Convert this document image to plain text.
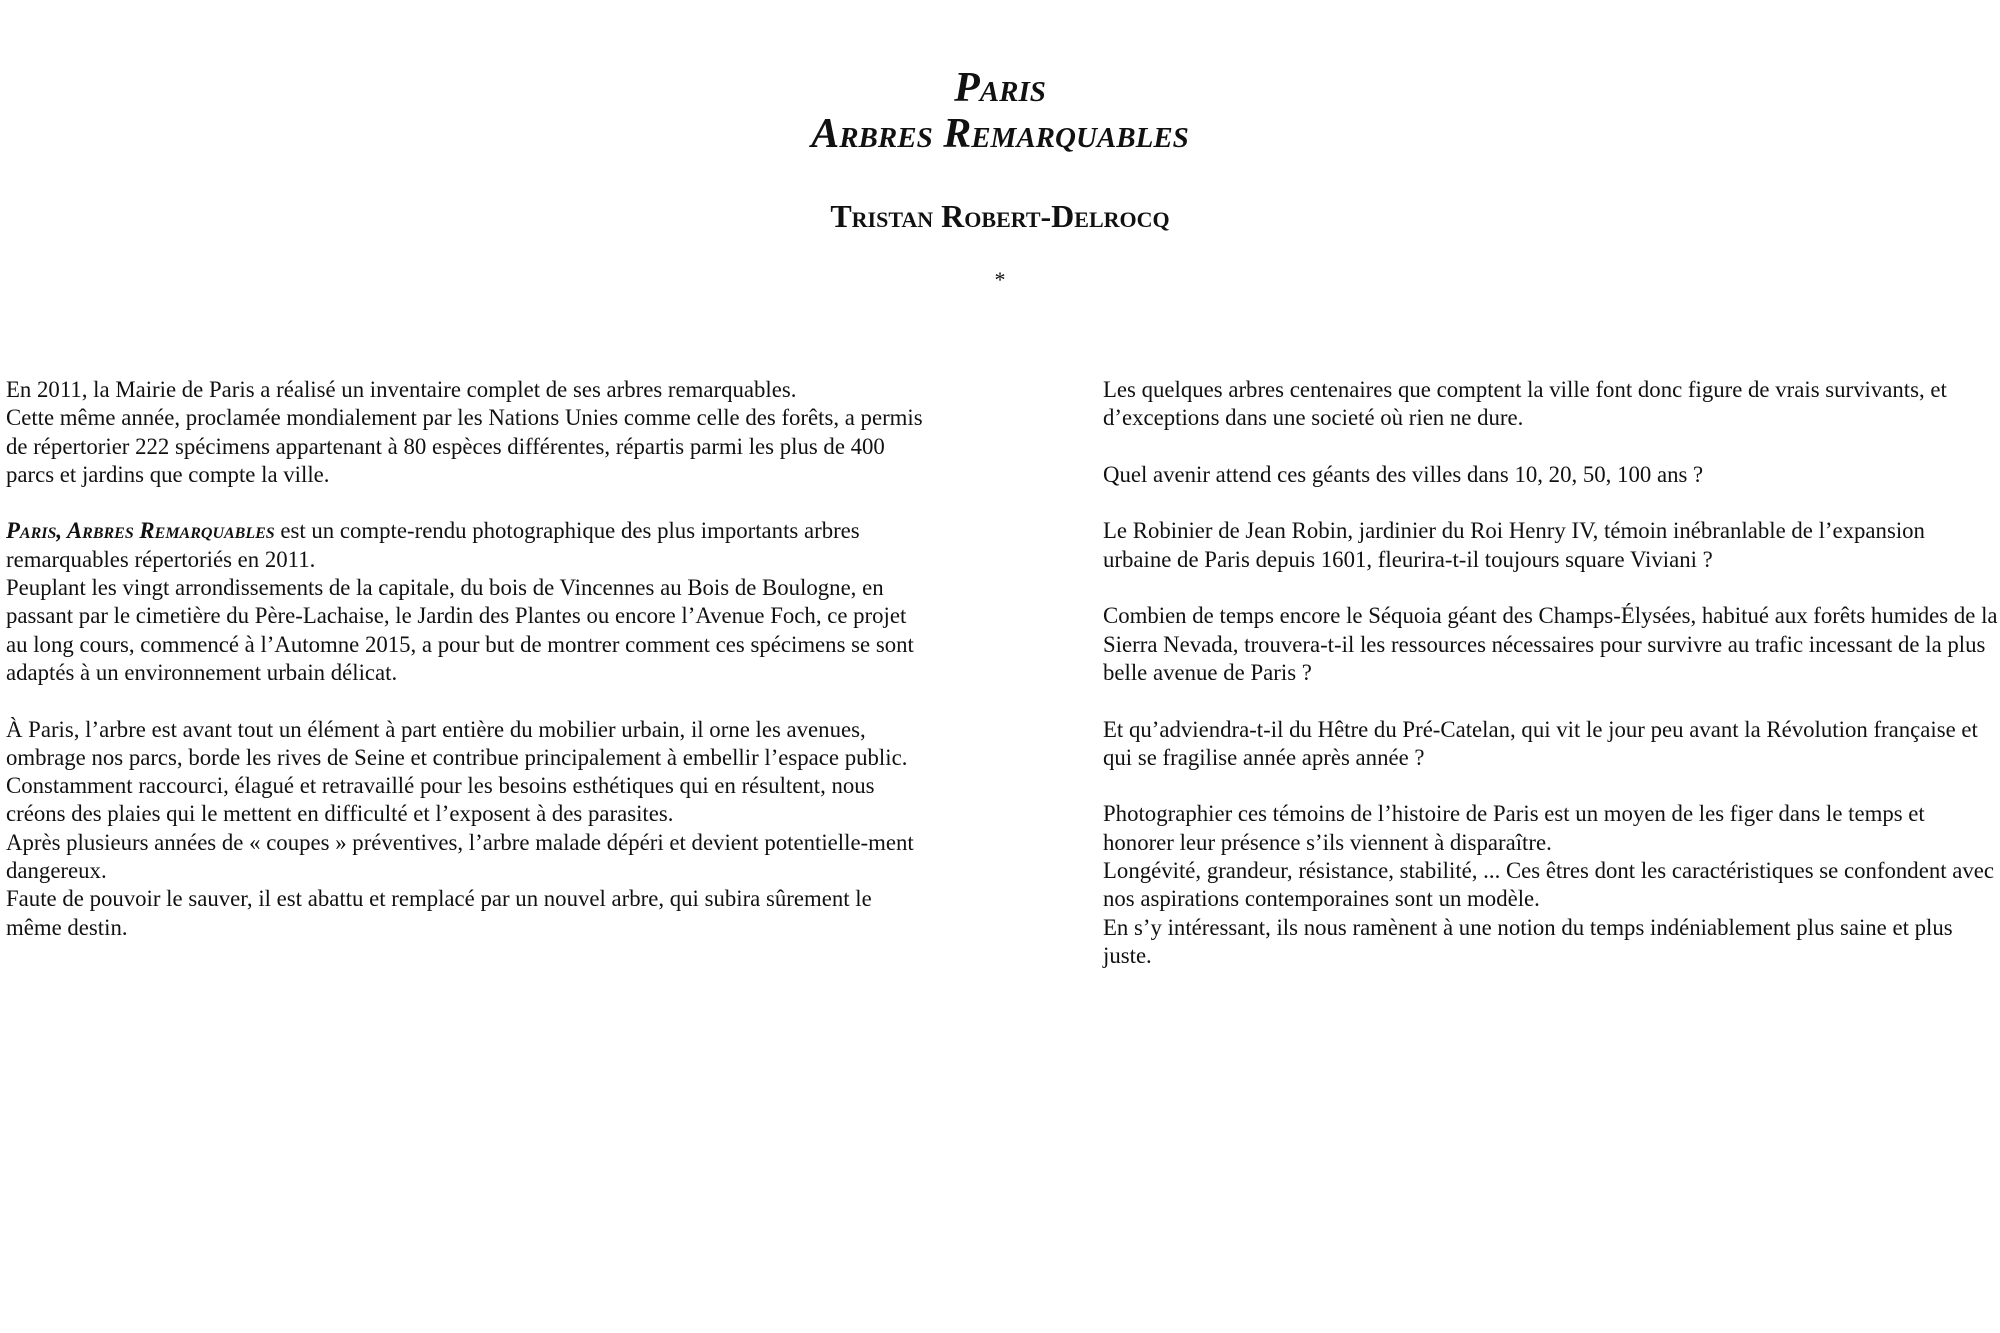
Paris
Arbres Remarquables
Tristan Robert-Delrocq
*

En 2011, la Mairie de Paris a réalisé un inventaire complet de ses arbres remarquables.
Cette même année, proclamée mondialement par les Nations Unies comme celle des forêts, a permis de répertorier 222 spécimens appartenant à 80 espèces différentes, répartis parmi les plus de 400 parcs et jardins que compte la ville.

Paris, Arbres Remarquables est un compte-rendu photographique des plus importants arbres remarquables répertoriés en 2011.
Peuplant les vingt arrondissements de la capitale, du bois de Vincennes au Bois de Boulogne, en passant par le cimetière du Père-Lachaise, le Jardin des Plantes ou encore l’Avenue Foch, ce projet au long cours, commencé à l’Automne 2015, a pour but de montrer comment ces spécimens se sont adaptés à un environnement urbain délicat.

À Paris, l’arbre est avant tout un élément à part entière du mobilier urbain, il orne les avenues, ombrage nos parcs, borde les rives de Seine et contribue principalement à embellir l’espace public.
Constamment raccourci, élagué et retravaillé pour les besoins esthétiques qui en résultent, nous créons des plaies qui le mettent en difficulté et l’exposent à des parasites.
Après plusieurs années de « coupes » préventives, l’arbre malade dépéri et devient potentielle-ment dangereux.
Faute de pouvoir le sauver, il est abattu et remplacé par un nouvel arbre, qui subira sûrement le même destin.

Les quelques arbres centenaires que comptent la ville font donc figure de vrais survivants, et d’exceptions dans une societé où rien ne dure.

Quel avenir attend ces géants des villes dans 10, 20, 50, 100 ans ?

Le Robinier de Jean Robin, jardinier du Roi Henry IV, témoin inébranlable de l’expansion urbaine de Paris depuis 1601, fleurira-t-il toujours square Viviani ?

Combien de temps encore le Séquoia géant des Champs-Élysées, habitué aux forêts humides de la Sierra Nevada, trouvera-t-il les ressources nécessaires pour survivre au trafic incessant de la plus belle avenue de Paris ?

Et qu’adviendra-t-il du Hêtre du Pré-Catelan, qui vit le jour peu avant la Révolution française et qui se fragilise année après année ?

Photographier ces témoins de l’histoire de Paris est un moyen de les figer dans le temps et honorer leur présence s’ils viennent à disparaître.
Longévité, grandeur, résistance, stabilité, ... Ces êtres dont les caractéristiques se confondent avec nos aspirations contemporaines sont un modèle.
En s’y intéressant, ils nous ramènent à une notion du temps indéniablement plus saine et plus juste.
